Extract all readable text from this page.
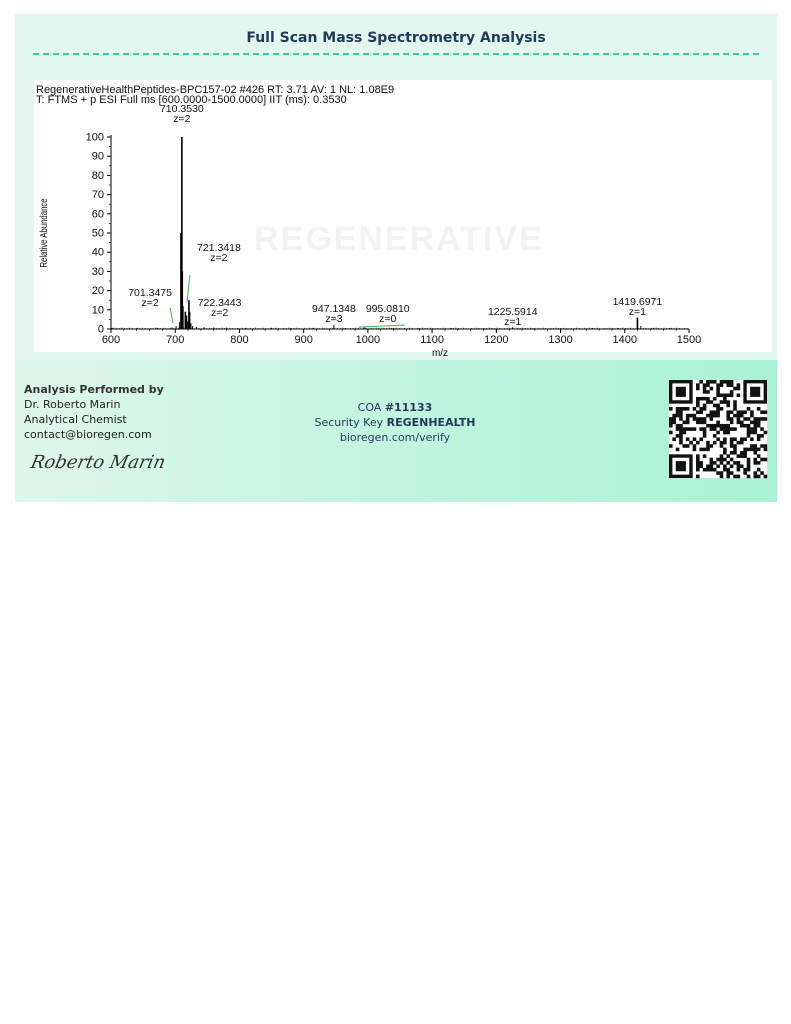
Full Scan Mass Spectrometry Analysis
REGENERATIVE
RegenerativeHealthPeptides-BPC157-02 #426 RT: 3.71 AV: 1 NL: 1.08E9
T: FTMS + p ESI Full ms [600.0000-1500.0000] IIT (ms): 0.3530
0
10
20
30
40
50
60
70
80
90
100
600	700	800	900	1000	1100	1200	1300	1400	1500
m/z
Relative Abundance
710.3530
z=2
721.3418
z=2
701.3475
z=2	722.3443
z=2	947.1348
z=3
995.0810
z=0
1225.5914
z=1
1419.6971
z=1
Analysis Performed by
Dr. Roberto Marin
Analytical Chemist
contact@bioregen.com
Roberto Marin
COA #11133
Security Key REGENHEALTH
bioregen.com/verify
